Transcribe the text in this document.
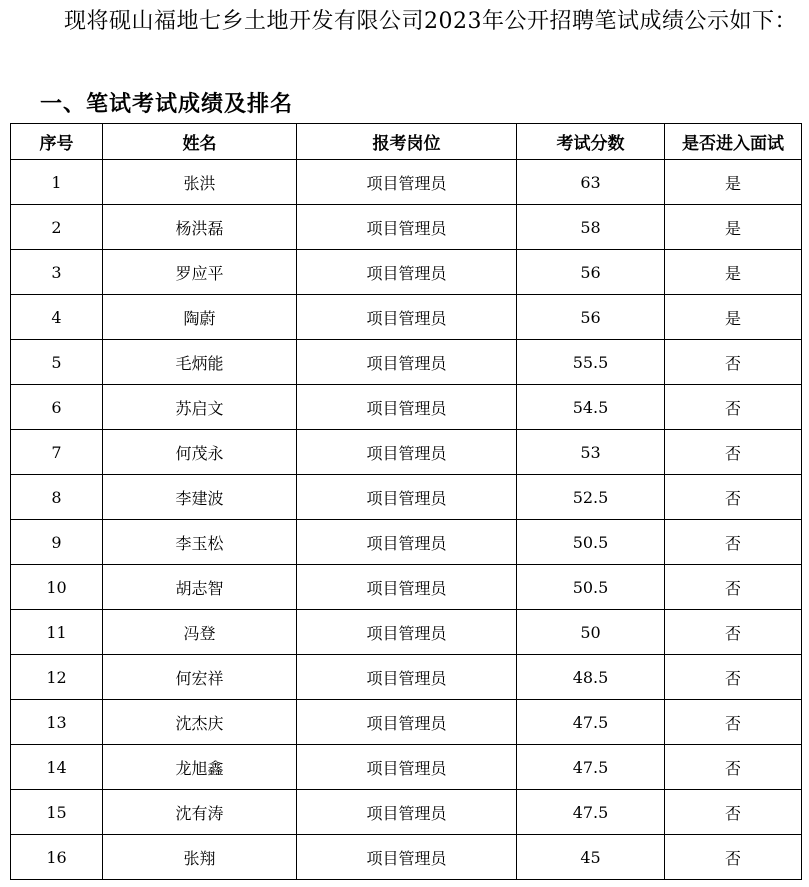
现将砚山福地七乡土地开发有限公司2023年公开招聘笔试成绩公示如下：

一、笔试考试成绩及排名

序号	姓名	报考岗位	考试分数	是否进入面试
1	张洪	项目管理员	63	是
2	杨洪磊	项目管理员	58	是
3	罗应平	项目管理员	56	是
4	陶蔚	项目管理员	56	是
5	毛炳能	项目管理员	55.5	否
6	苏启文	项目管理员	54.5	否
7	何茂永	项目管理员	53	否
8	李建波	项目管理员	52.5	否
9	李玉松	项目管理员	50.5	否
10	胡志智	项目管理员	50.5	否
11	冯登	项目管理员	50	否
12	何宏祥	项目管理员	48.5	否
13	沈杰庆	项目管理员	47.5	否
14	龙旭鑫	项目管理员	47.5	否
15	沈有涛	项目管理员	47.5	否
16	张翔	项目管理员	45	否
